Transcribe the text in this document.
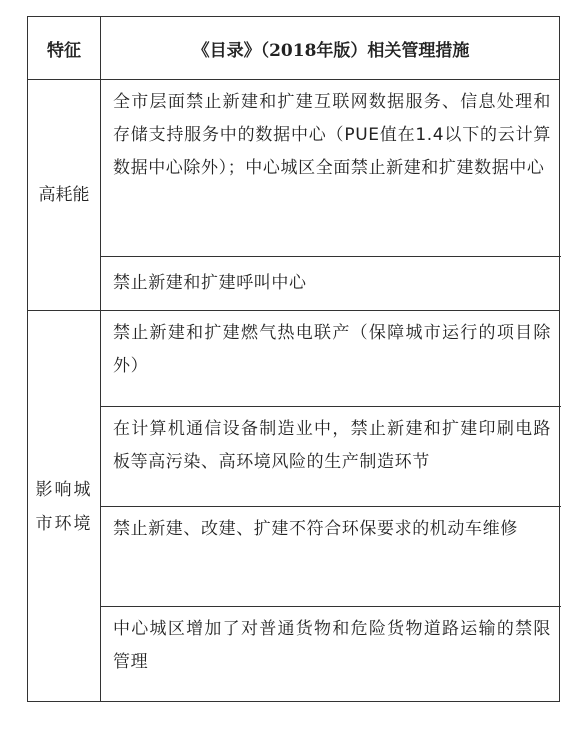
特征	《目录》（2018年版）相关管理措施
高耗能
影响城市环境
全市层面禁止新建和扩建互联网数据服务、信息处理和存储支持服务中的数据中心（PUE值在1.4以下的云计算数据中心除外）；中心城区全面禁止新建和扩建数据中心
禁止新建和扩建呼叫中心
禁止新建和扩建燃气热电联产（保障城市运行的项目除外）
在计算机通信设备制造业中，禁止新建和扩建印刷电路板等高污染、高环境风险的生产制造环节
禁止新建、改建、扩建不符合环保要求的机动车维修
中心城区增加了对普通货物和危险货物道路运输的禁限管理
